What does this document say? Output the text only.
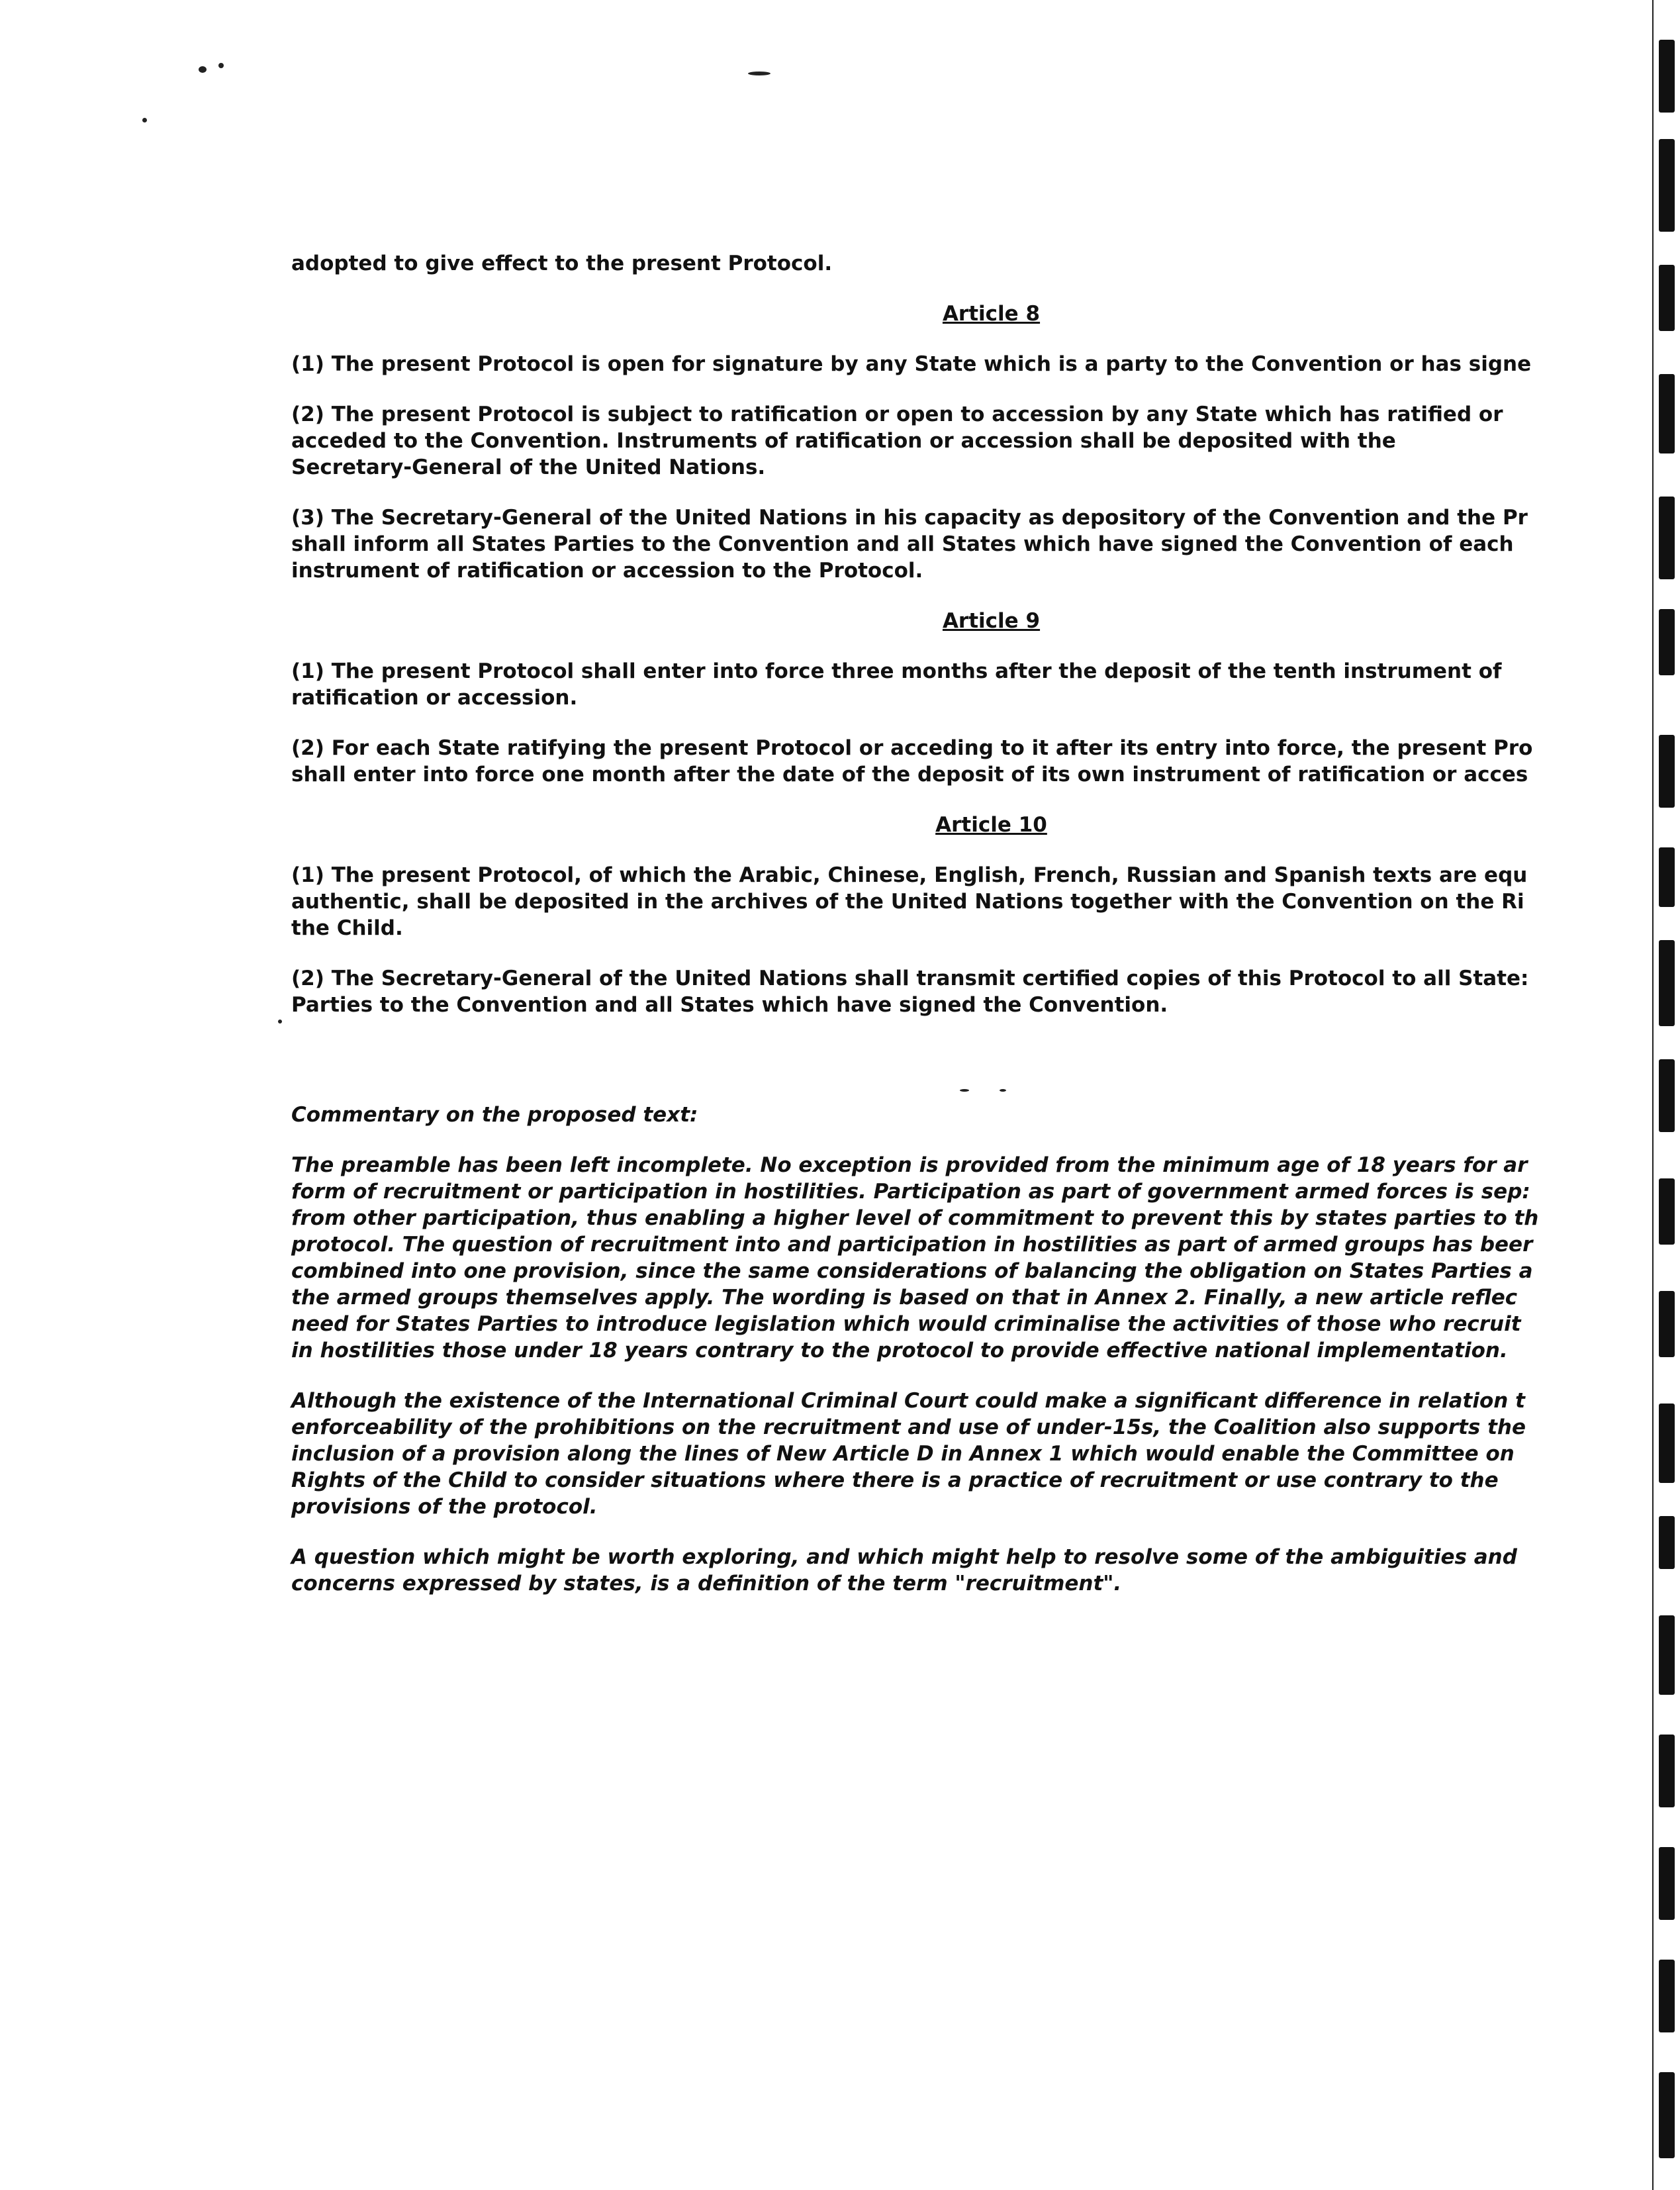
adopted to give effect to the present Protocol.

Article 8

(1) The present Protocol is open for signature by any State which is a party to the Convention or has signe

(2) The present Protocol is subject to ratification or open to accession by any State which has ratified or
acceded to the Convention. Instruments of ratification or accession shall be deposited with the
Secretary-General of the United Nations.

(3) The Secretary-General of the United Nations in his capacity as depository of the Convention and the Pr
shall inform all States Parties to the Convention and all States which have signed the Convention of each
instrument of ratification or accession to the Protocol.

Article 9

(1) The present Protocol shall enter into force three months after the deposit of the tenth instrument of
ratification or accession.

(2) For each State ratifying the present Protocol or acceding to it after its entry into force, the present Pro
shall enter into force one month after the date of the deposit of its own instrument of ratification or acces

Article 10

(1) The present Protocol, of which the Arabic, Chinese, English, French, Russian and Spanish texts are equ
authentic, shall be deposited in the archives of the United Nations together with the Convention on the Ri
the Child.

(2) The Secretary-General of the United Nations shall transmit certified copies of this Protocol to all State:
Parties to the Convention and all States which have signed the Convention.

Commentary on the proposed text:

The preamble has been left incomplete. No exception is provided from the minimum age of 18 years for ar
form of recruitment or participation in hostilities. Participation as part of government armed forces is sep:
from other participation, thus enabling a higher level of commitment to prevent this by states parties to th
protocol. The question of recruitment into and participation in hostilities as part of armed groups has beer
combined into one provision, since the same considerations of balancing the obligation on States Parties a
the armed groups themselves apply. The wording is based on that in Annex 2. Finally, a new article reflec
need for States Parties to introduce legislation which would criminalise the activities of those who recruit
in hostilities those under 18 years contrary to the protocol to provide effective national implementation.

Although the existence of the International Criminal Court could make a significant difference in relation t
enforceability of the prohibitions on the recruitment and use of under-15s, the Coalition also supports the
inclusion of a provision along the lines of New Article D in Annex 1 which would enable the Committee on
Rights of the Child to consider situations where there is a practice of recruitment or use contrary to the
provisions of the protocol.

A question which might be worth exploring, and which might help to resolve some of the ambiguities and
concerns expressed by states, is a definition of the term "recruitment".
